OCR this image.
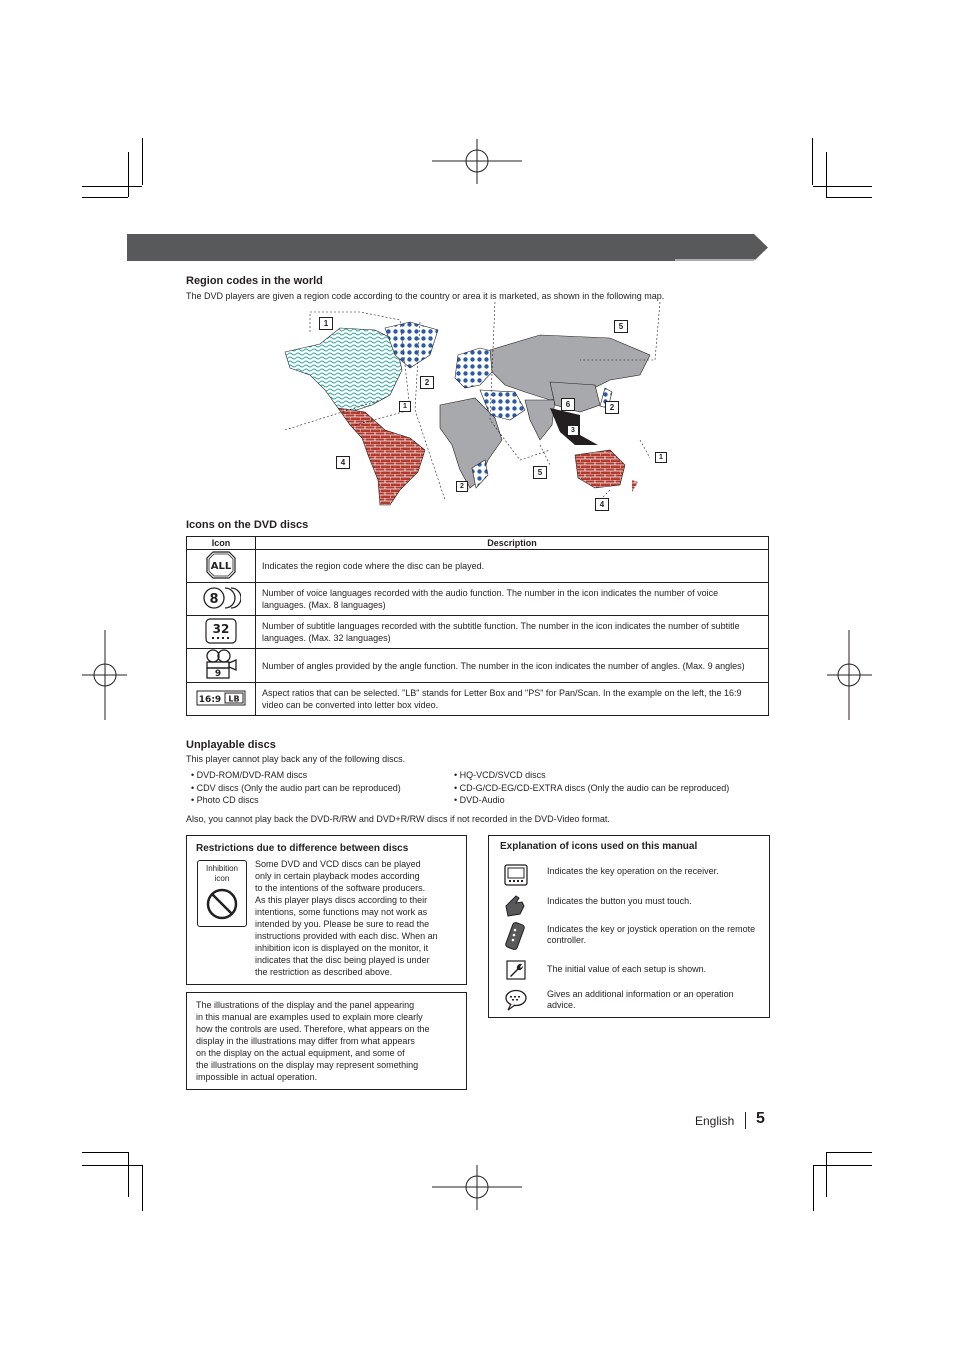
Region codes in the world
The DVD players are given a region code according to the country or area it is marketed, as shown in the following map.
1	5
2
1	6
3
2
4
5
1
2
4
Icons on the DVD discs
Icon	Description

ALL	Indicates the region code where the disc can be played.

8	Number of voice languages recorded with the audio function. The number in the icon indicates the number of voice languages. (Max. 8 languages)

32	Number of subtitle languages recorded with the subtitle function. The number in the icon indicates the number of subtitle languages. (Max. 32 languages)

9	Number of angles provided by the angle function. The number in the icon indicates the number of angles. (Max. 9 angles)

16:9 LB	Aspect ratios that can be selected. "LB" stands for Letter Box and "PS" for Pan/Scan. In the example on the left, the 16:9 video can be converted into letter box video.
Unplayable discs
This player cannot play back any of the following discs.
• DVD-ROM/DVD-RAM discs
• CDV discs (Only the audio part can be reproduced)
• Photo CD discs
• HQ-VCD/SVCD discs
• CD-G/CD-EG/CD-EXTRA discs (Only the audio can be reproduced)
• DVD-Audio
Also, you cannot play back the DVD-R/RW and DVD+R/RW discs if not recorded in the DVD-Video format.
Restrictions due to difference between discs
Inhibition
icon
Some DVD and VCD discs can be played
only in certain playback modes according
to the intentions of the software producers.
As this player plays discs according to their
intentions, some functions may not work as
intended by you. Please be sure to read the
instructions provided with each disc. When an
inhibition icon is displayed on the monitor, it
indicates that the disc being played is under
the restriction as described above.
The illustrations of the display and the panel appearing
in this manual are examples used to explain more clearly
how the controls are used. Therefore, what appears on the
display in the illustrations may differ from what appears
on the display on the actual equipment, and some of
the illustrations on the display may represent something
impossible in actual operation.
Explanation of icons used on this manual
Indicates the key operation on the receiver.
Indicates the button you must touch.
Indicates the key or joystick operation on the remote controller.
The initial value of each setup is shown.
Gives an additional information or an operation advice.
English 5
